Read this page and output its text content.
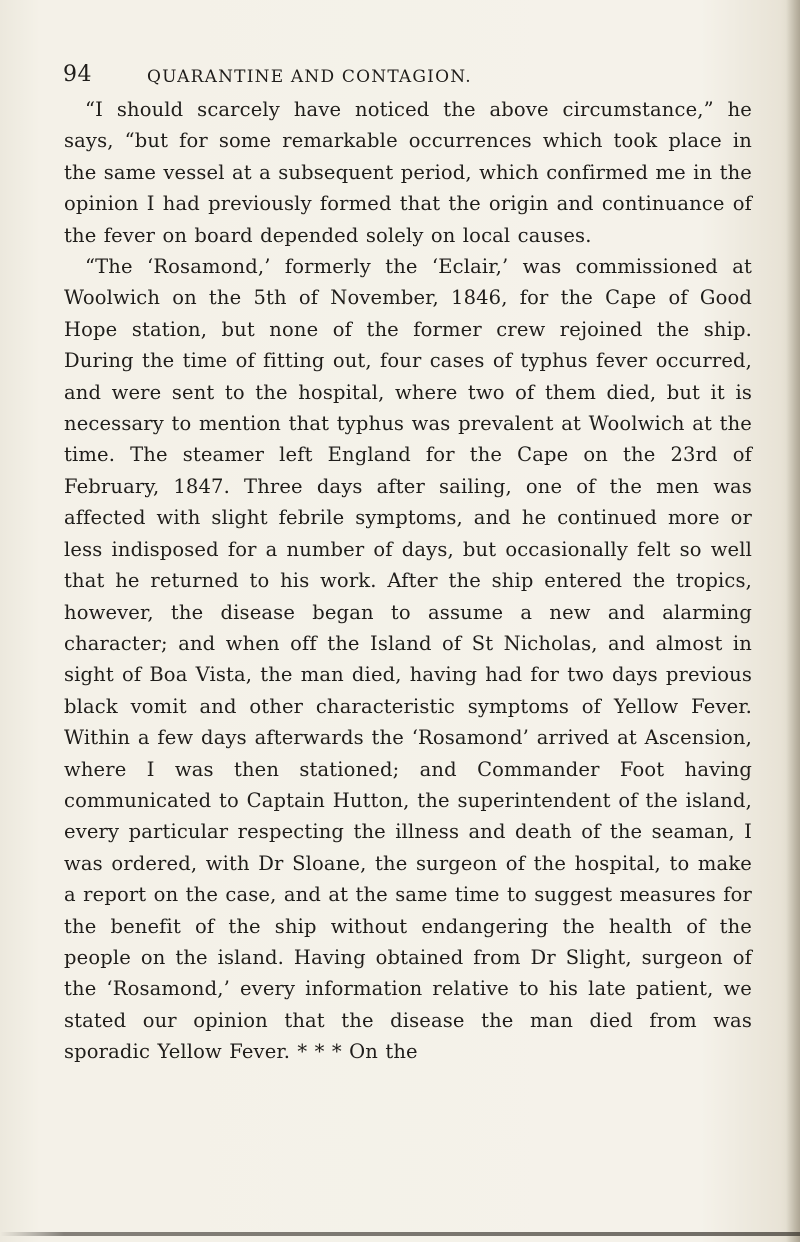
94	QUARANTINE AND CONTAGION.

“I should scarcely have noticed the above circumstance,” he says, “but for some remarkable occurrences which took place in the same vessel at a subsequent period, which confirmed me in the opinion I had previously formed that the origin and continuance of the fever on board depended solely on local causes.

“The ‘Rosamond,’ formerly the ‘Eclair,’ was commissioned at Woolwich on the 5th of November, 1846, for the Cape of Good Hope station, but none of the former crew rejoined the ship. During the time of fitting out, four cases of typhus fever occurred, and were sent to the hospital, where two of them died, but it is necessary to mention that typhus was prevalent at Woolwich at the time. The steamer left England for the Cape on the 23rd of February, 1847. Three days after sailing, one of the men was affected with slight febrile symptoms, and he continued more or less indisposed for a number of days, but occasionally felt so well that he returned to his work. After the ship entered the tropics, however, the disease began to assume a new and alarming character; and when off the Island of St Nicholas, and almost in sight of Boa Vista, the man died, having had for two days previous black vomit and other characteristic symptoms of Yellow Fever. Within a few days afterwards the ‘Rosamond’ arrived at Ascension, where I was then stationed; and Commander Foot having communicated to Captain Hutton, the superintendent of the island, every particular respecting the illness and death of the seaman, I was ordered, with Dr Sloane, the surgeon of the hospital, to make a report on the case, and at the same time to suggest measures for the benefit of the ship without endangering the health of the people on the island. Having obtained from Dr Slight, surgeon of the ‘Rosamond,’ every information relative to his late patient, we stated our opinion that the disease the man died from was sporadic Yellow Fever. * * * On the
